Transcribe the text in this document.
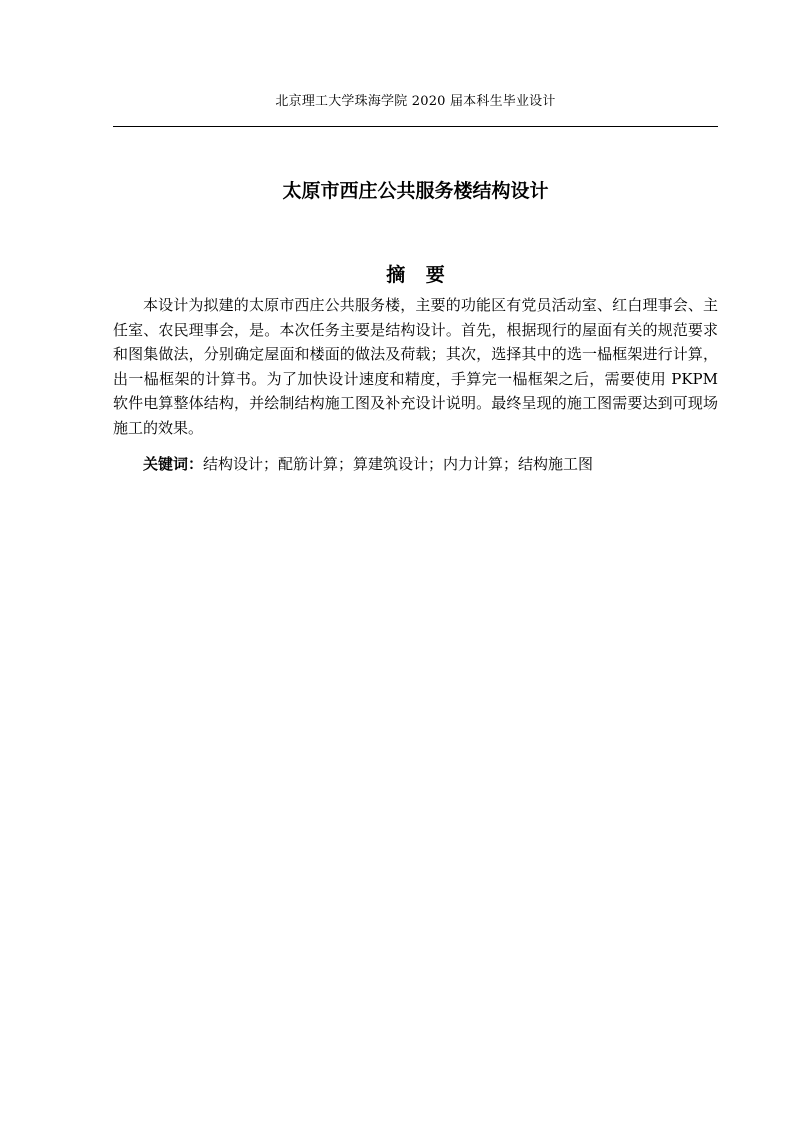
北京理工大学珠海学院 2020 届本科生毕业设计
太原市西庄公共服务楼结构设计
摘 要

本设计为拟建的太原市西庄公共服务楼，主要的功能区有党员活动室、红白理事会、主任室、农民理事会，是。本次任务主要是结构设计。首先，根据现行的屋面有关的规范要求和图集做法，分别确定屋面和楼面的做法及荷载；其次，选择其中的选一榀框架进行计算，出一榀框架的计算书。为了加快设计速度和精度，手算完一榀框架之后，需要使用 PKPM 软件电算整体结构，并绘制结构施工图及补充设计说明。最终呈现的施工图需要达到可现场施工的效果。

关键词：结构设计；配筋计算；算建筑设计；内力计算；结构施工图
